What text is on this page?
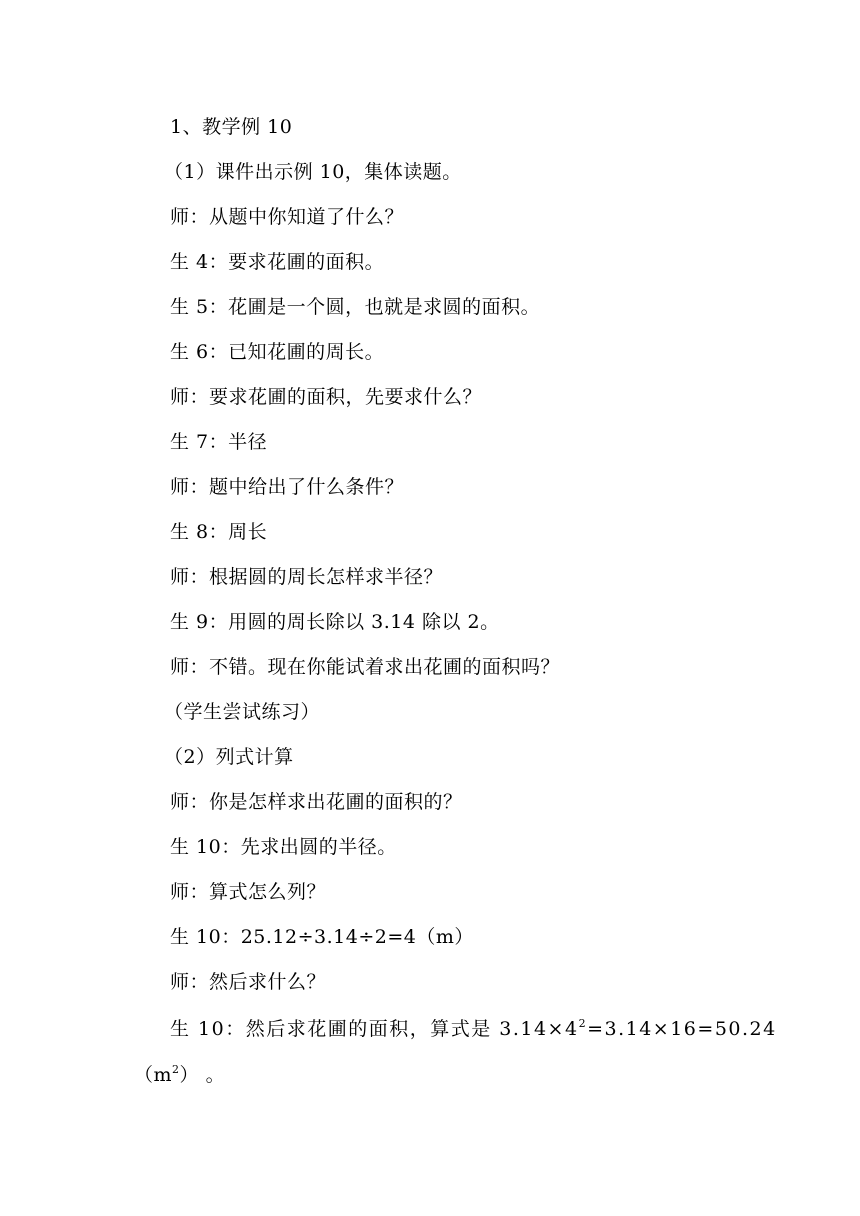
1、教学例 10
（1）课件出示例 10，集体读题。
师：从题中你知道了什么？
生 4：要求花圃的面积。
生 5：花圃是一个圆，也就是求圆的面积。
生 6：已知花圃的周长。
师：要求花圃的面积，先要求什么？
生 7：半径
师：题中给出了什么条件？
生 8：周长
师：根据圆的周长怎样求半径？
生 9：用圆的周长除以 3.14 除以 2。
师：不错。现在你能试着求出花圃的面积吗？
（学生尝试练习）
（2）列式计算
师：你是怎样求出花圃的面积的？
生 10：先求出圆的半径。
师：算式怎么列？
生 10：25.12÷3.14÷2=4（m）
师：然后求什么？
生 10：然后求花圃的面积，算式是 $3.14\times 4^2=3.14\times 16=50.24$
$(m^2)$ 。
